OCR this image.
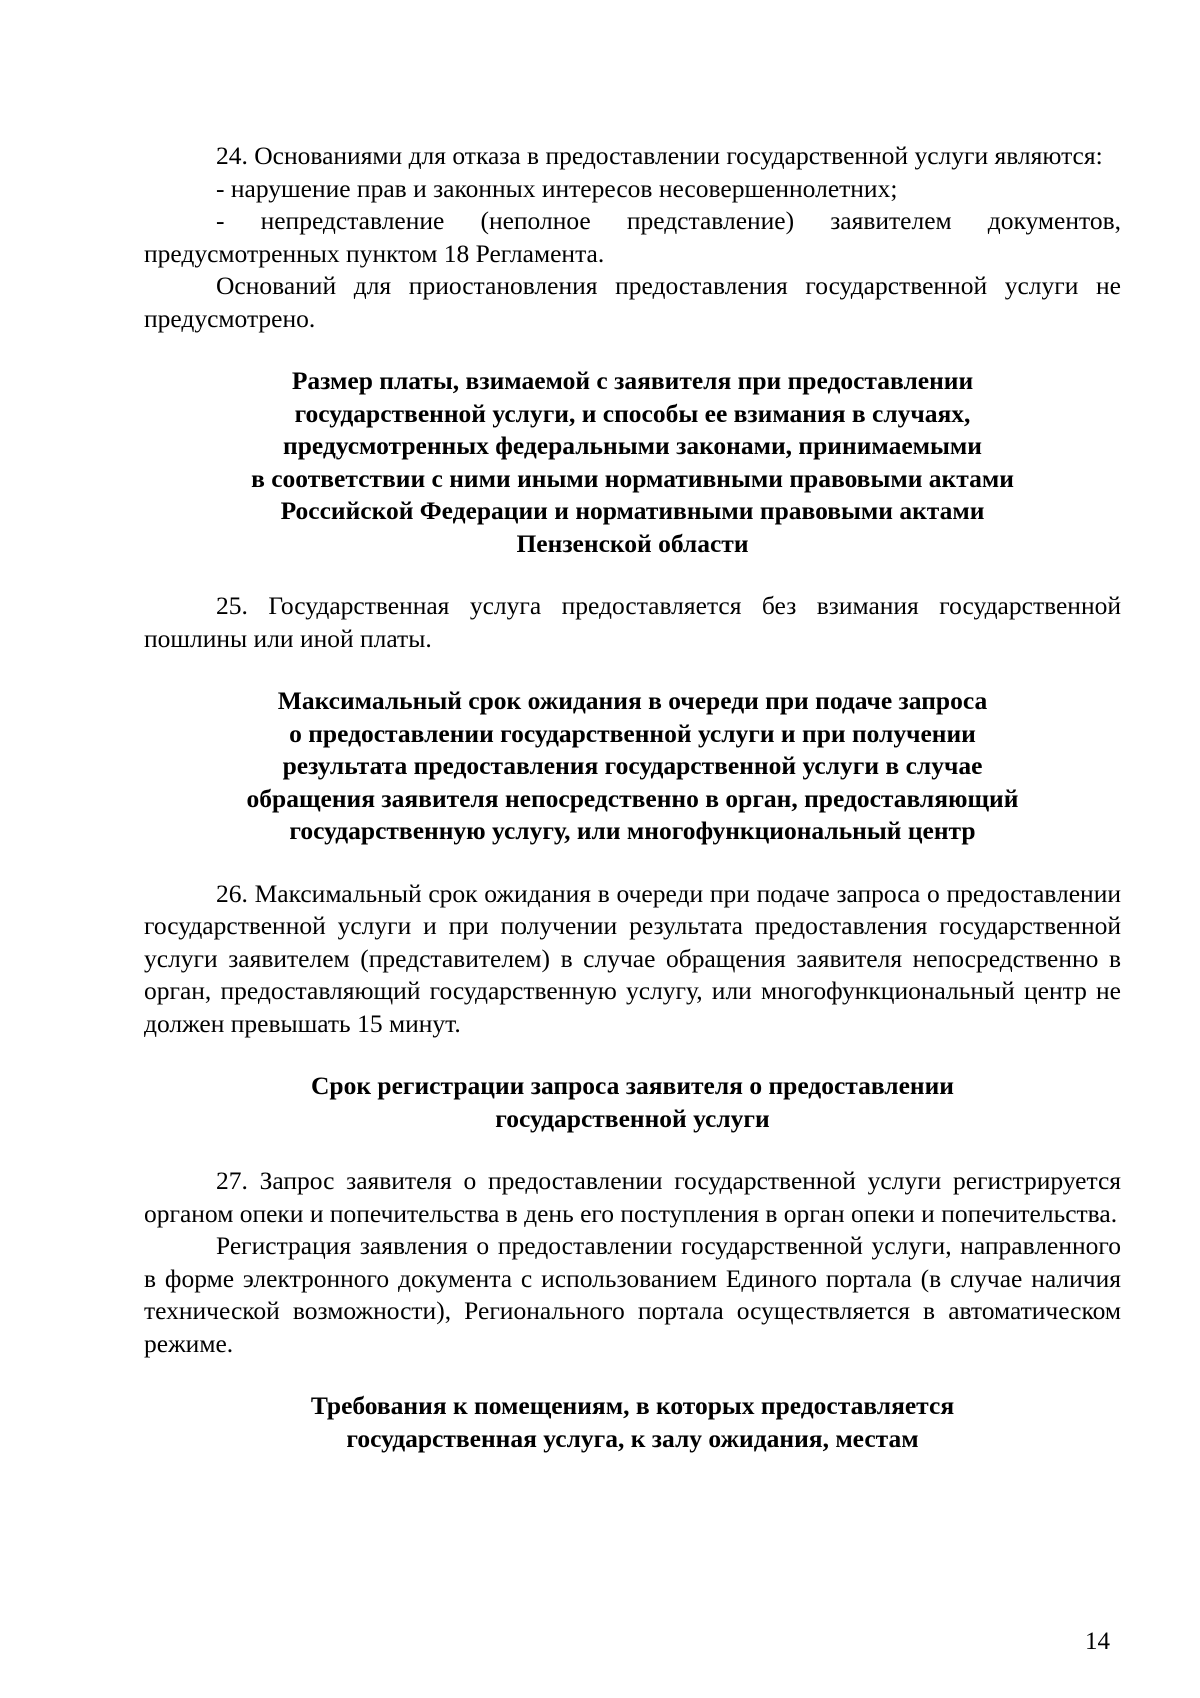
24. Основаниями для отказа в предоставлении государственной услуги являются:

- нарушение прав и законных интересов несовершеннолетних;

- непредставление (неполное представление) заявителем документов, предусмотренных пунктом 18 Регламента.

Оснований для приостановления предоставления государственной услуги не предусмотрено.

Размер платы, взимаемой с заявителя при предоставлении
государственной услуги, и способы ее взимания в случаях,
предусмотренных федеральными законами, принимаемыми
в соответствии с ними иными нормативными правовыми актами
Российской Федерации и нормативными правовыми актами
Пензенской области

25. Государственная услуга предоставляется без взимания государственной пошлины или иной платы.

Максимальный срок ожидания в очереди при подаче запроса
о предоставлении государственной услуги и при получении
результата предоставления государственной услуги в случае
обращения заявителя непосредственно в орган, предоставляющий
государственную услугу, или многофункциональный центр

26. Максимальный срок ожидания в очереди при подаче запроса о предоставлении государственной услуги и при получении результата предоставления государственной услуги заявителем (представителем) в случае обращения заявителя непосредственно в орган, предоставляющий государственную услугу, или многофункциональный центр не должен превышать 15 минут.

Срок регистрации запроса заявителя о предоставлении
государственной услуги

27. Запрос заявителя о предоставлении государственной услуги регистрируется органом опеки и попечительства в день его поступления в орган опеки и попечительства.

Регистрация заявления о предоставлении государственной услуги, направленного в форме электронного документа с использованием Единого портала (в случае наличия технической возможности), Регионального портала осуществляется в автоматическом режиме.

Требования к помещениям, в которых предоставляется
государственная услуга, к залу ожидания, местам

14
